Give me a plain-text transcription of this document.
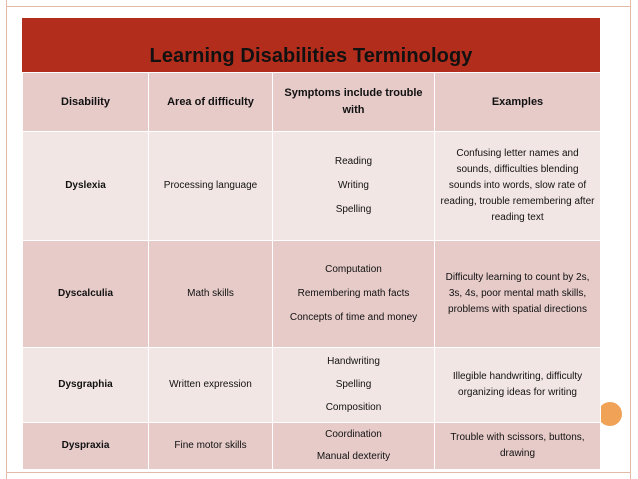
Learning Disabilities Terminology
Disability	Area of difficulty	Symptoms include trouble with	Examples
Dyslexia	Processing language	Reading
Writing
Spelling	Confusing letter names and sounds, difficulties blending sounds into words, slow rate of reading, trouble remembering after reading text
Dyscalculia	Math skills	Computation
Remembering math facts
Concepts of time and money	Difficulty learning to count by 2s, 3s, 4s, poor mental math skills, problems with spatial directions
Dysgraphia	Written expression	Handwriting
Spelling
Composition	Illegible handwriting, difficulty organizing ideas for writing
Dyspraxia	Fine motor skills	Coordination
Manual dexterity	Trouble with scissors, buttons, drawing
